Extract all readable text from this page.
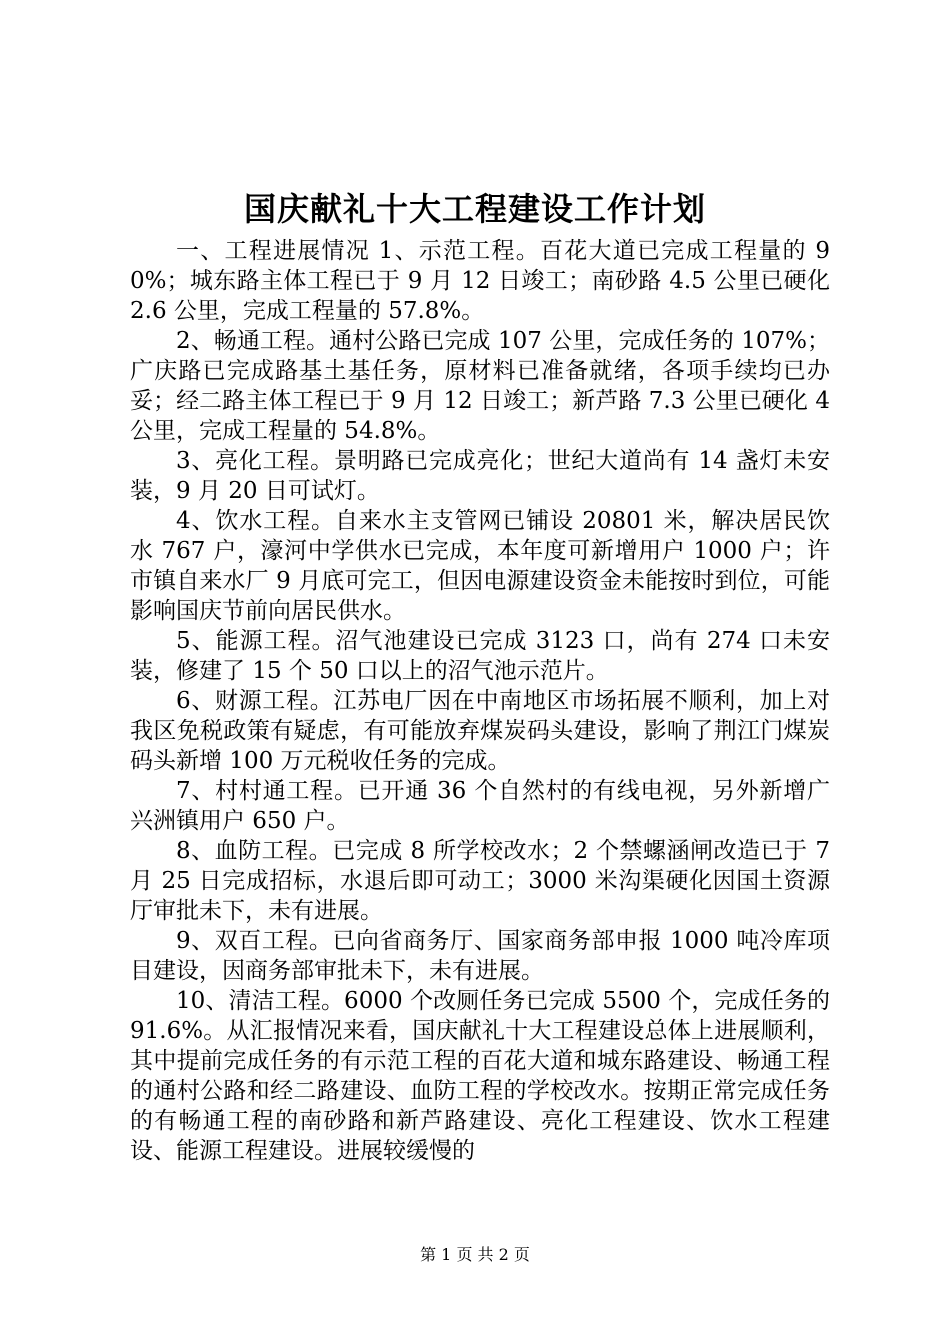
国庆献礼十大工程建设工作计划

一、工程进展情况 1、示范工程。百花大道已完成工程量的 90%；城东路主体工程已于 9 月 12 日竣工；南砂路 4.5 公里已硬化 2.6 公里，完成工程量的 57.8%。

2、畅通工程。通村公路已完成 107 公里，完成任务的 107%；广庆路已完成路基土基任务，原材料已准备就绪，各项手续均已办妥；经二路主体工程已于 9 月 12 日竣工；新芦路 7.3 公里已硬化 4 公里，完成工程量的 54.8%。

3、亮化工程。景明路已完成亮化；世纪大道尚有 14 盏灯未安装，9 月 20 日可试灯。

4、饮水工程。自来水主支管网已铺设 20801 米，解决居民饮水 767 户，濠河中学供水已完成，本年度可新增用户 1000 户；许市镇自来水厂 9 月底可完工，但因电源建设资金未能按时到位，可能影响国庆节前向居民供水。

5、能源工程。沼气池建设已完成 3123 口，尚有 274 口未安装，修建了 15 个 50 口以上的沼气池示范片。

6、财源工程。江苏电厂因在中南地区市场拓展不顺利，加上对我区免税政策有疑虑，有可能放弃煤炭码头建设，影响了荆江门煤炭码头新增 100 万元税收任务的完成。

7、村村通工程。已开通 36 个自然村的有线电视，另外新增广兴洲镇用户 650 户。

8、血防工程。已完成 8 所学校改水；2 个禁螺涵闸改造已于 7 月 25 日完成招标，水退后即可动工；3000 米沟渠硬化因国土资源厅审批未下，未有进展。

9、双百工程。已向省商务厅、国家商务部申报 1000 吨冷库项目建设，因商务部审批未下，未有进展。

10、清洁工程。6000 个改厕任务已完成 5500 个，完成任务的 91.6%。从汇报情况来看，国庆献礼十大工程建设总体上进展顺利，其中提前完成任务的有示范工程的百花大道和城东路建设、畅通工程的通村公路和经二路建设、血防工程的学校改水。按期正常完成任务的有畅通工程的南砂路和新芦路建设、亮化工程建设、饮水工程建设、能源工程建设。进展较缓慢的

第 1 页 共 2 页
